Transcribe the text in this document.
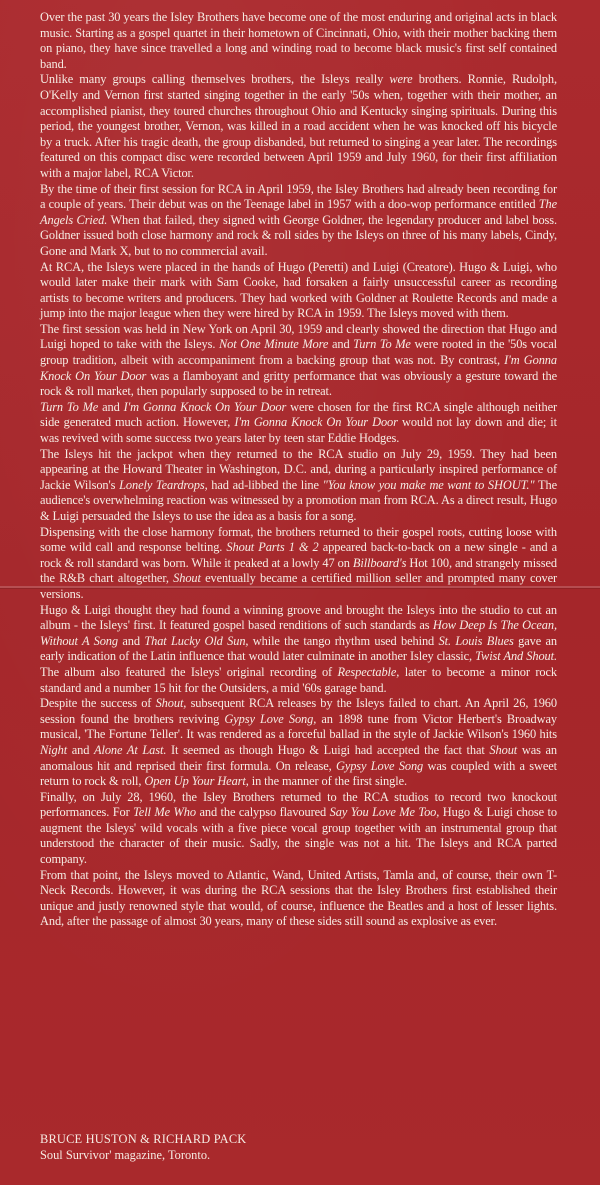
Over the past 30 years the Isley Brothers have become one of the most enduring and original acts in black music. Starting as a gospel quartet in their hometown of Cincinnati, Ohio, with their mother backing them on piano, they have since travelled a long and winding road to become black music's first self contained band.

Unlike many groups calling themselves brothers, the Isleys really were brothers. Ronnie, Rudolph, O'Kelly and Vernon first started singing together in the early '50s when, together with their mother, an accomplished pianist, they toured churches throughout Ohio and Kentucky singing spirituals. During this period, the youngest brother, Vernon, was killed in a road accident when he was knocked off his bicycle by a truck. After his tragic death, the group disbanded, but returned to singing a year later. The recordings featured on this compact disc were recorded between April 1959 and July 1960, for their first affiliation with a major label, RCA Victor.

By the time of their first session for RCA in April 1959, the Isley Brothers had already been recording for a couple of years. Their debut was on the Teenage label in 1957 with a doo-wop performance entitled The Angels Cried. When that failed, they signed with George Goldner, the legendary producer and label boss. Goldner issued both close harmony and rock & roll sides by the Isleys on three of his many labels, Cindy, Gone and Mark X, but to no commercial avail.

At RCA, the Isleys were placed in the hands of Hugo (Peretti) and Luigi (Creatore). Hugo & Luigi, who would later make their mark with Sam Cooke, had forsaken a fairly unsuccessful career as recording artists to become writers and producers. They had worked with Goldner at Roulette Records and made a jump into the major league when they were hired by RCA in 1959. The Isleys moved with them.

The first session was held in New York on April 30, 1959 and clearly showed the direction that Hugo and Luigi hoped to take with the Isleys. Not One Minute More and Turn To Me were rooted in the '50s vocal group tradition, albeit with accompaniment from a backing group that was not. By contrast, I'm Gonna Knock On Your Door was a flamboyant and gritty performance that was obviously a gesture toward the rock & roll market, then popularly supposed to be in retreat.

Turn To Me and I'm Gonna Knock On Your Door were chosen for the first RCA single although neither side generated much action. However, I'm Gonna Knock On Your Door would not lay down and die; it was revived with some success two years later by teen star Eddie Hodges.

The Isleys hit the jackpot when they returned to the RCA studio on July 29, 1959. They had been appearing at the Howard Theater in Washington, D.C. and, during a particularly inspired performance of Jackie Wilson's Lonely Teardrops, had ad-libbed the line "You know you make me want to SHOUT." The audience's overwhelming reaction was witnessed by a promotion man from RCA. As a direct result, Hugo & Luigi persuaded the Isleys to use the idea as a basis for a song.

Dispensing with the close harmony format, the brothers returned to their gospel roots, cutting loose with some wild call and response belting. Shout Parts 1 & 2 appeared back-to-back on a new single - and a rock & roll standard was born. While it peaked at a lowly 47 on Billboard's Hot 100, and strangely missed the R&B chart altogether, Shout eventually became a certified million seller and prompted many cover versions.

Hugo & Luigi thought they had found a winning groove and brought the Isleys into the studio to cut an album - the Isleys' first. It featured gospel based renditions of such standards as How Deep Is The Ocean, Without A Song and That Lucky Old Sun, while the tango rhythm used behind St. Louis Blues gave an early indication of the Latin influence that would later culminate in another Isley classic, Twist And Shout. The album also featured the Isleys' original recording of Respectable, later to become a minor rock standard and a number 15 hit for the Outsiders, a mid '60s garage band.

Despite the success of Shout, subsequent RCA releases by the Isleys failed to chart. An April 26, 1960 session found the brothers reviving Gypsy Love Song, an 1898 tune from Victor Herbert's Broadway musical, 'The Fortune Teller'. It was rendered as a forceful ballad in the style of Jackie Wilson's 1960 hits Night and Alone At Last. It seemed as though Hugo & Luigi had accepted the fact that Shout was an anomalous hit and reprised their first formula. On release, Gypsy Love Song was coupled with a sweet return to rock & roll, Open Up Your Heart, in the manner of the first single.

Finally, on July 28, 1960, the Isley Brothers returned to the RCA studios to record two knockout performances. For Tell Me Who and the calypso flavoured Say You Love Me Too, Hugo & Luigi chose to augment the Isleys' wild vocals with a five piece vocal group together with an instrumental group that understood the character of their music. Sadly, the single was not a hit. The Isleys and RCA parted company.

From that point, the Isleys moved to Atlantic, Wand, United Artists, Tamla and, of course, their own T-Neck Records. However, it was during the RCA sessions that the Isley Brothers first established their unique and justly renowned style that would, of course, influence the Beatles and a host of lesser lights. And, after the passage of almost 30 years, many of these sides still sound as explosive as ever.

BRUCE HUSTON & RICHARD PACK
Soul Survivor' magazine, Toronto.
